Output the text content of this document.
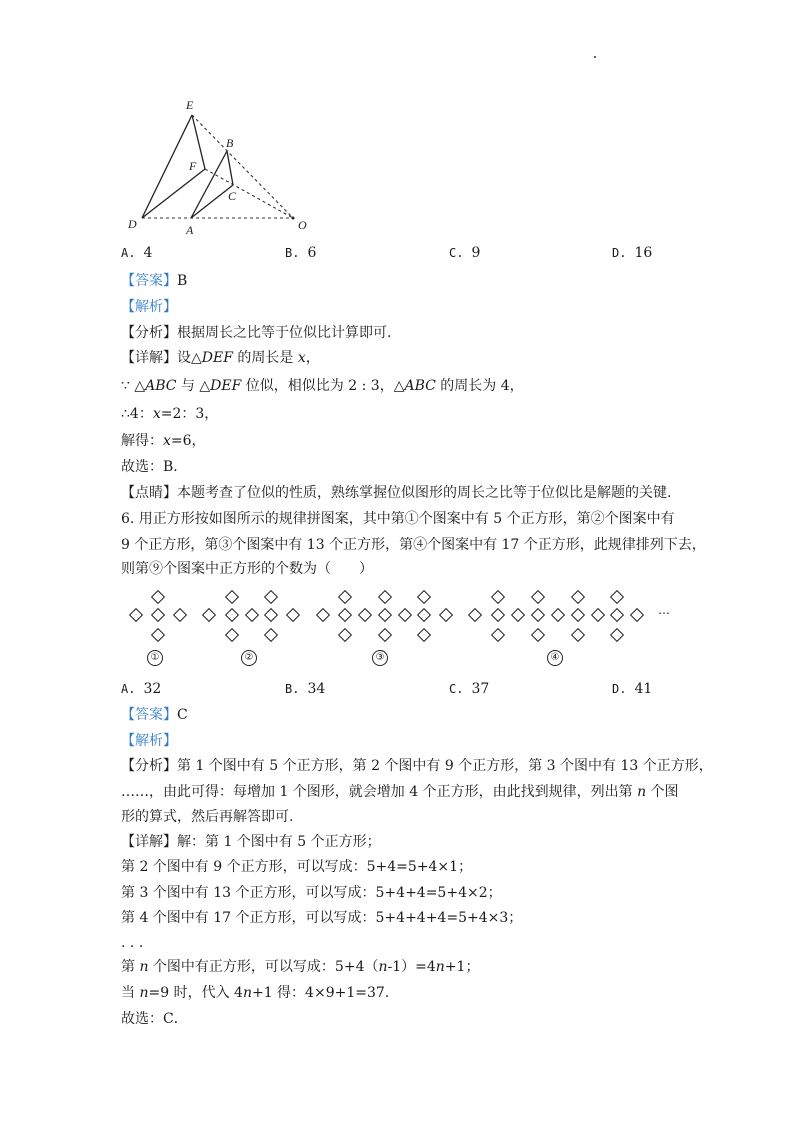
E
B
F
C
D	A	O
A. 4	B. 6	C. 9	D. 16
【答案】B
【解析】
【分析】根据周长之比等于位似比计算即可.
【详解】设△DEF 的周长是 x，
∵ △ABC 与 △DEF 位似，相似比为 2 : 3，△ABC 的周长为 4，
∴4：x=2：3，
解得：x=6，
故选：B．
【点睛】本题考查了位似的性质，熟练掌握位似图形的周长之比等于位似比是解题的关键.
6. 用正方形按如图所示的规律拼图案，其中第①个图案中有 5 个正方形，第②个图案中有
9 个正方形，第③个图案中有 13 个正方形，第④个图案中有 17 个正方形，此规律排列下去，
则第⑨个图案中正方形的个数为（　　）
①	②	③	④
⋯
A. 32	B. 34	C. 37	D. 41
【答案】C
【解析】
【分析】第 1 个图中有 5 个正方形，第 2 个图中有 9 个正方形，第 3 个图中有 13 个正方形，
……，由此可得：每增加 1 个图形，就会增加 4 个正方形，由此找到规律，列出第 n 个图
形的算式，然后再解答即可.
【详解】解：第 1 个图中有 5 个正方形；
第 2 个图中有 9 个正方形，可以写成：5+4=5+4×1；
第 3 个图中有 13 个正方形，可以写成：5+4+4=5+4×2；
第 4 个图中有 17 个正方形，可以写成：5+4+4+4=5+4×3；
. . .
第 n 个图中有正方形，可以写成：5+4（n-1）=4n+1；
当 n=9 时，代入 4n+1 得：4×9+1=37.
故选：C．
